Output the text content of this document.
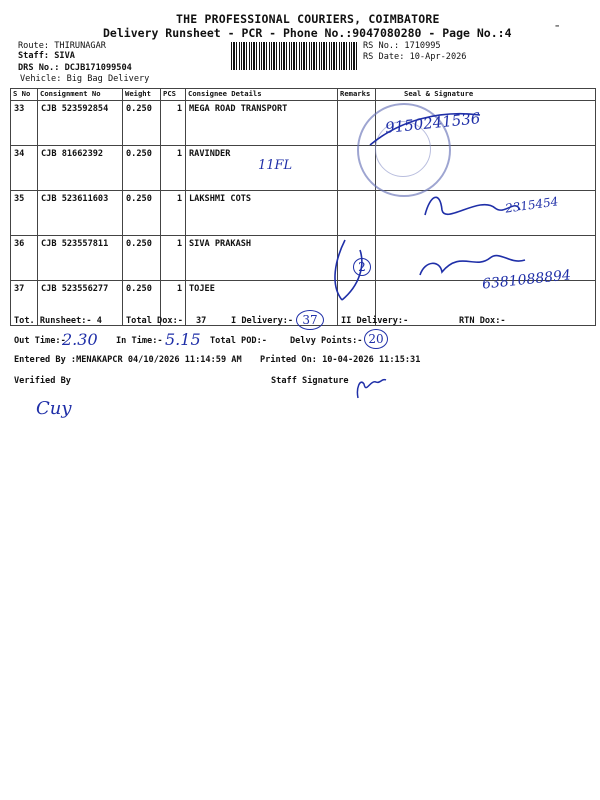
THE PROFESSIONAL COURIERS, COIMBATORE
Delivery Runsheet - PCR - Phone No.:9047080280 - Page No.:4
Route: THIRUNAGAR
Staff: SIVA
DRS No.: DCJB171099504
Vehicle: Big Bag Delivery
RS No.: 1710995
RS Date: 10-Apr-2026
-
S No	Consignment No	Weight	PCS	Consignee Details	Remarks	Seal & Signature
33	CJB 523592854	0.250	1	MEGA ROAD TRANSPORT		
34	CJB 81662392	0.250	1	RAVINDER		
35	CJB 523611603	0.250	1	LAKSHMI COTS		
36	CJB 523557811	0.250	1	SIVA PRAKASH		
37	CJB 523556277	0.250	1	TOJEE		
9150241536
11FL
2315454
6381088894
2
Tot. Runsheet:- 4	Total Dox:- 37	I Delivery:- 37	II Delivery:-	RTN Dox:-
Out Time:-
2.30 In Time:- 5.15 Total POD:-	Delvy Points:- 20
Entered By :MENAKAPCR 04/10/2026 11:14:59 AM Printed On: 10-04-2026 11:15:31
Verified By	Staff Signature
Cuy
